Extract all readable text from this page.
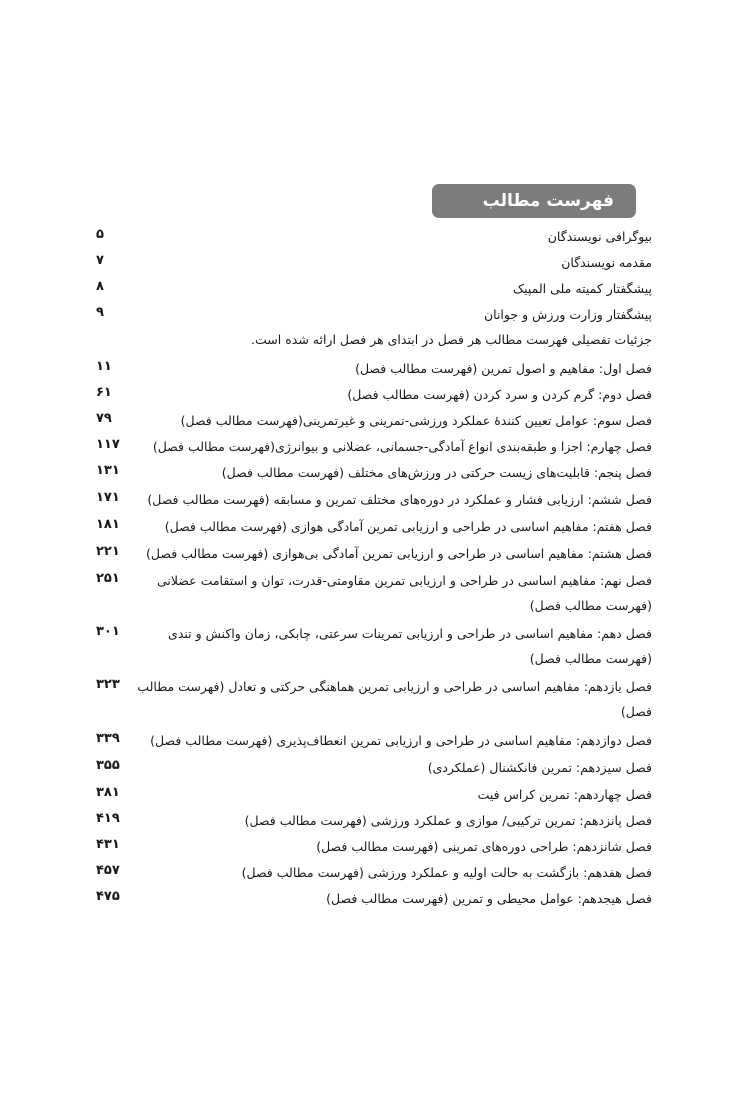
فهرست مطالب
جزئیات تفصیلی فهرست مطالب هر فصل در ابتدای هر فصل ارائه شده است.
بیوگرافی نویسندگان
۵
مقدمه نویسندگان
۷
پیشگفتار کمیته ملی المپیک
۸
پیشگفتار وزارت ورزش و جوانان
۹
فصل اول: مفاهیم و اصول تمرین (فهرست مطالب فصل)
۱۱
فصل دوم: گرم کردن و سرد کردن (فهرست مطالب فصل)
۶۱
فصل سوم: عوامل تعیین کنندهٔ عملکرد ورزشی-تمرینی و غیرتمرینی(فهرست مطالب فصل)
۷۹
فصل چهارم: اجزا و طبقه‌بندی انواع آمادگی-جسمانی، عضلانی و بیوانرژی(فهرست مطالب فصل)
۱۱۷
فصل پنجم: قابلیت‌های زیست حرکتی در ورزش‌های مختلف (فهرست مطالب فصل)
۱۳۱
فصل ششم: ارزیابی فشار و عملکرد در دوره‌های مختلف تمرین و مسابقه (فهرست مطالب فصل)
۱۷۱
فصل هفتم: مفاهیم اساسی در طراحی و ارزیابی تمرین آمادگی هوازی (فهرست مطالب فصل)
۱۸۱
فصل هشتم: مفاهیم اساسی در طراحی و ارزیابی تمرین آمادگی بی‌هوازی (فهرست مطالب فصل)
۲۲۱
فصل نهم: مفاهیم اساسی در طراحی و ارزیابی تمرین مقاومتی-قدرت، توان و استقامت عضلانی (فهرست مطالب فصل)
۲۵۱
فصل دهم: مفاهیم اساسی در طراحی و ارزیابی تمرینات سرعتی، چابکی، زمان واکنش و تندی (فهرست مطالب فصل)
۳۰۱
فصل یازدهم: مفاهیم اساسی در طراحی و ارزیابی تمرین هماهنگی حرکتی و تعادل (فهرست مطالب فصل)
۳۲۳
فصل دوازدهم: مفاهیم اساسی در طراحی و ارزیابی تمرین انعطاف‌پذیری (فهرست مطالب فصل)
۳۳۹
فصل سیزدهم: تمرین فانکشنال (عملکردی)
۳۵۵
فصل چهاردهم: تمرین کراس فیت
۳۸۱
فصل پانزدهم: تمرین ترکیبی/ موازی و عملکرد ورزشی (فهرست مطالب فصل)
۴۱۹
فصل شانزدهم: طراحی دوره‌های تمرینی (فهرست مطالب فصل)
۴۳۱
فصل هفدهم: بازگشت به حالت اولیه و عملکرد ورزشی (فهرست مطالب فصل)
۴۵۷
فصل هیجدهم: عوامل محیطی و تمرین (فهرست مطالب فصل)
۴۷۵
